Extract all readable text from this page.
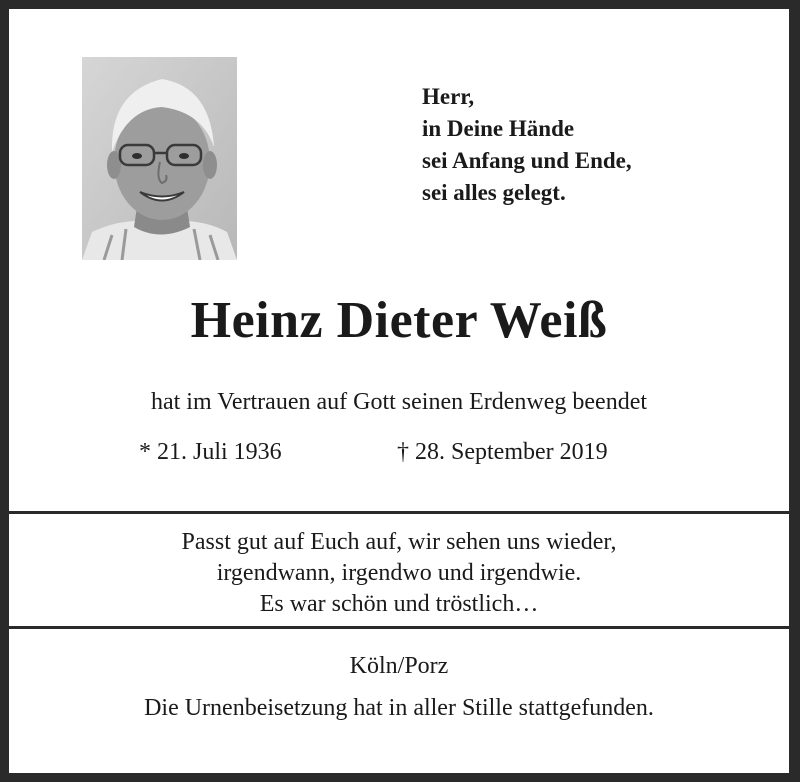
Herr,
in Deine Hände
sei Anfang und Ende,
sei alles gelegt.
Heinz Dieter Weiß
hat im Vertrauen auf Gott seinen Erdenweg beendet
* 21. Juli 1936	† 28. September 2019
Passt gut auf Euch auf, wir sehen uns wieder,
irgendwann, irgendwo und irgendwie.
Es war schön und tröstlich…
Köln/Porz
Die Urnenbeisetzung hat in aller Stille stattgefunden.
